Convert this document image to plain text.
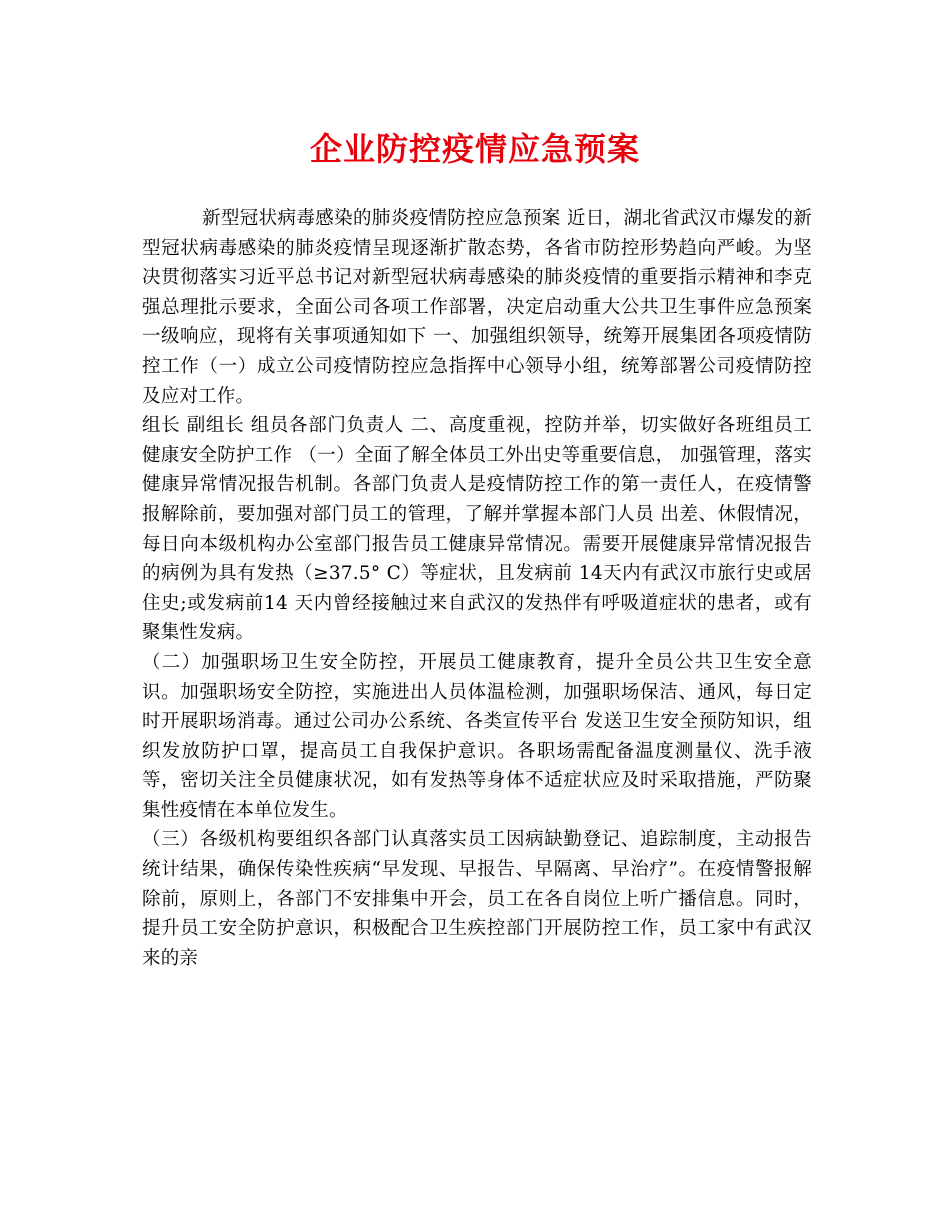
企业防控疫情应急预案

新型冠状病毒感染的肺炎疫情防控应急预案 近日，湖北省武汉市爆发的新型冠状病毒感染的肺炎疫情呈现逐渐扩散态势，各省市防控形势趋向严峻。为坚决贯彻落实习近平总书记对新型冠状病毒感染的肺炎疫情的重要指示精神和李克强总理批示要求，全面公司各项工作部署，决定启动重大公共卫生事件应急预案一级响应，现将有关事项通知如下 一、加强组织领导，统筹开展集团各项疫情防控工作（一）成立公司疫情防控应急指挥中心领导小组，统筹部署公司疫情防控及应对工作。

组长 副组长 组员各部门负责人 二、高度重视，控防并举，切实做好各班组员工健康安全防护工作 （一）全面了解全体员工外出史等重要信息， 加强管理，落实健康异常情况报告机制。各部门负责人是疫情防控工作的第一责任人，在疫情警报解除前，要加强对部门员工的管理，了解并掌握本部门人员 出差、休假情况，每日向本级机构办公室部门报告员工健康异常情况。需要开展健康异常情况报告的病例为具有发热（≥37.5° C）等症状，且发病前 14天内有武汉市旅行史或居住史;或发病前14 天内曾经接触过来自武汉的发热伴有呼吸道症状的患者，或有聚集性发病。

（二）加强职场卫生安全防控，开展员工健康教育，提升全员公共卫生安全意识。加强职场安全防控，实施进出人员体温检测，加强职场保洁、通风，每日定时开展职场消毒。通过公司办公系统、各类宣传平台 发送卫生安全预防知识，组织发放防护口罩，提高员工自我保护意识。各职场需配备温度测量仪、洗手液等，密切关注全员健康状况，如有发热等身体不适症状应及时采取措施，严防聚集性疫情在本单位发生。

（三）各级机构要组织各部门认真落实员工因病缺勤登记、追踪制度，主动报告统计结果，确保传染性疾病“早发现、早报告、早隔离、早治疗”。在疫情警报解除前，原则上，各部门不安排集中开会，员工在各自岗位上听广播信息。同时，提升员工安全防护意识，积极配合卫生疾控部门开展防控工作，员工家中有武汉来的亲
